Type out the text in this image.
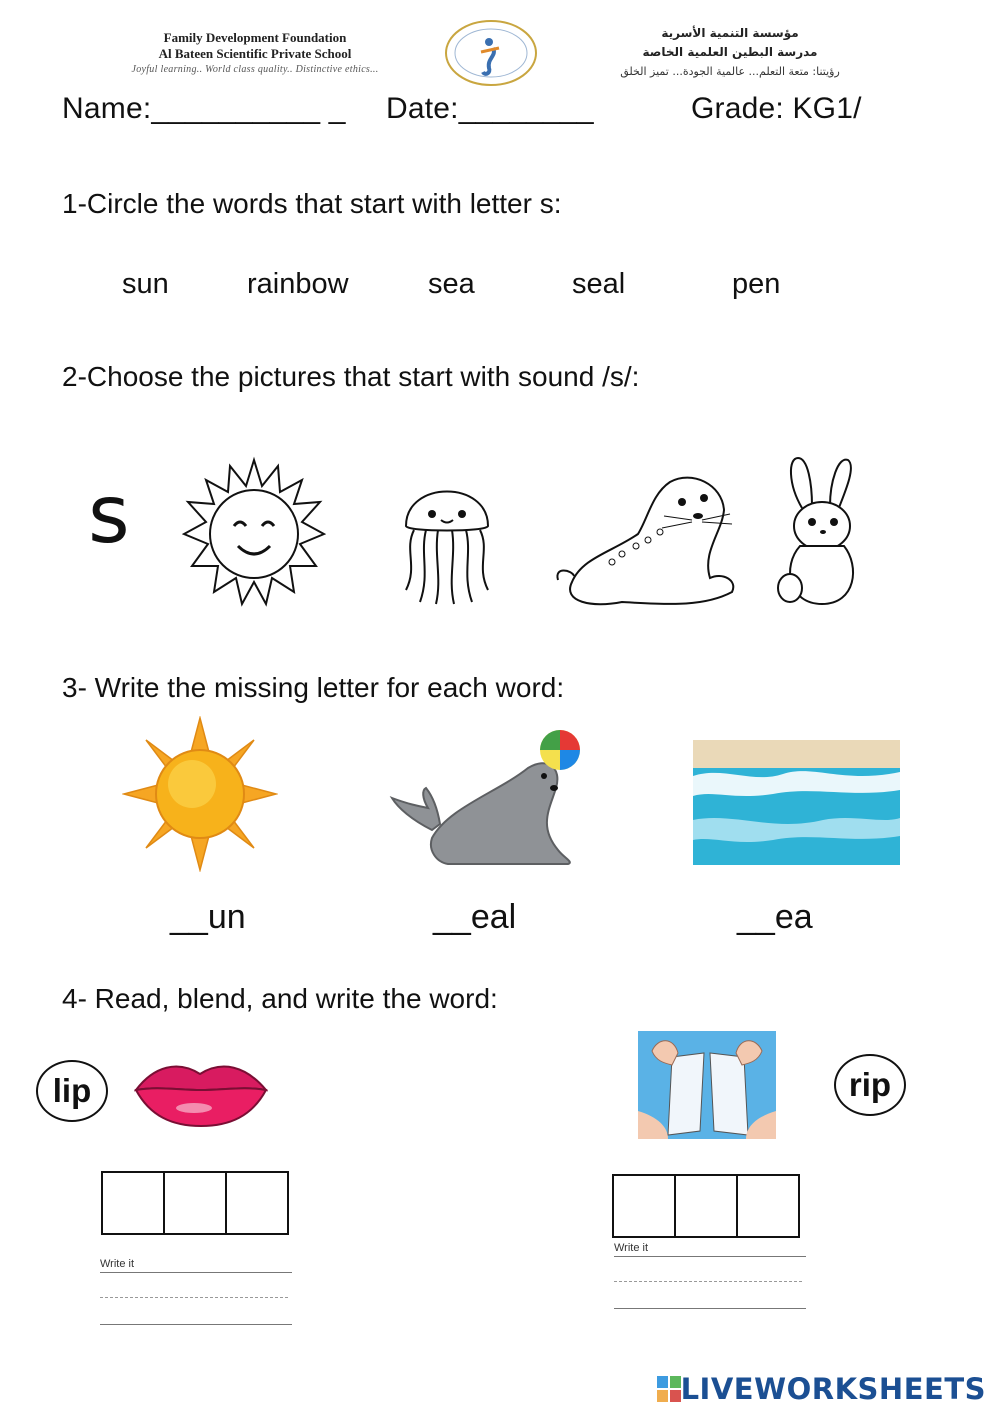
Family Development Foundation
Al Bateen Scientific Private School
Joyful learning.. World class quality.. Distinctive ethics...
مؤسسة التنمية الأسرية
مدرسة البطين العلمية الخاصة
رؤيتنا: متعة التعلم... عالمية الجودة... تميز الخلق
Name:__________ _ Date:________	Grade: KG1/
1-Circle the words that start with letter s:
sun	rainbow	sea	seal	pen
2-Choose the pictures that start with sound /s/:
s
3- Write the missing letter for each word:
__un	__eal	__ea
4- Read, blend, and write the word:
lip	rip
Write it
Write it
LIVEWORKSHEETS
